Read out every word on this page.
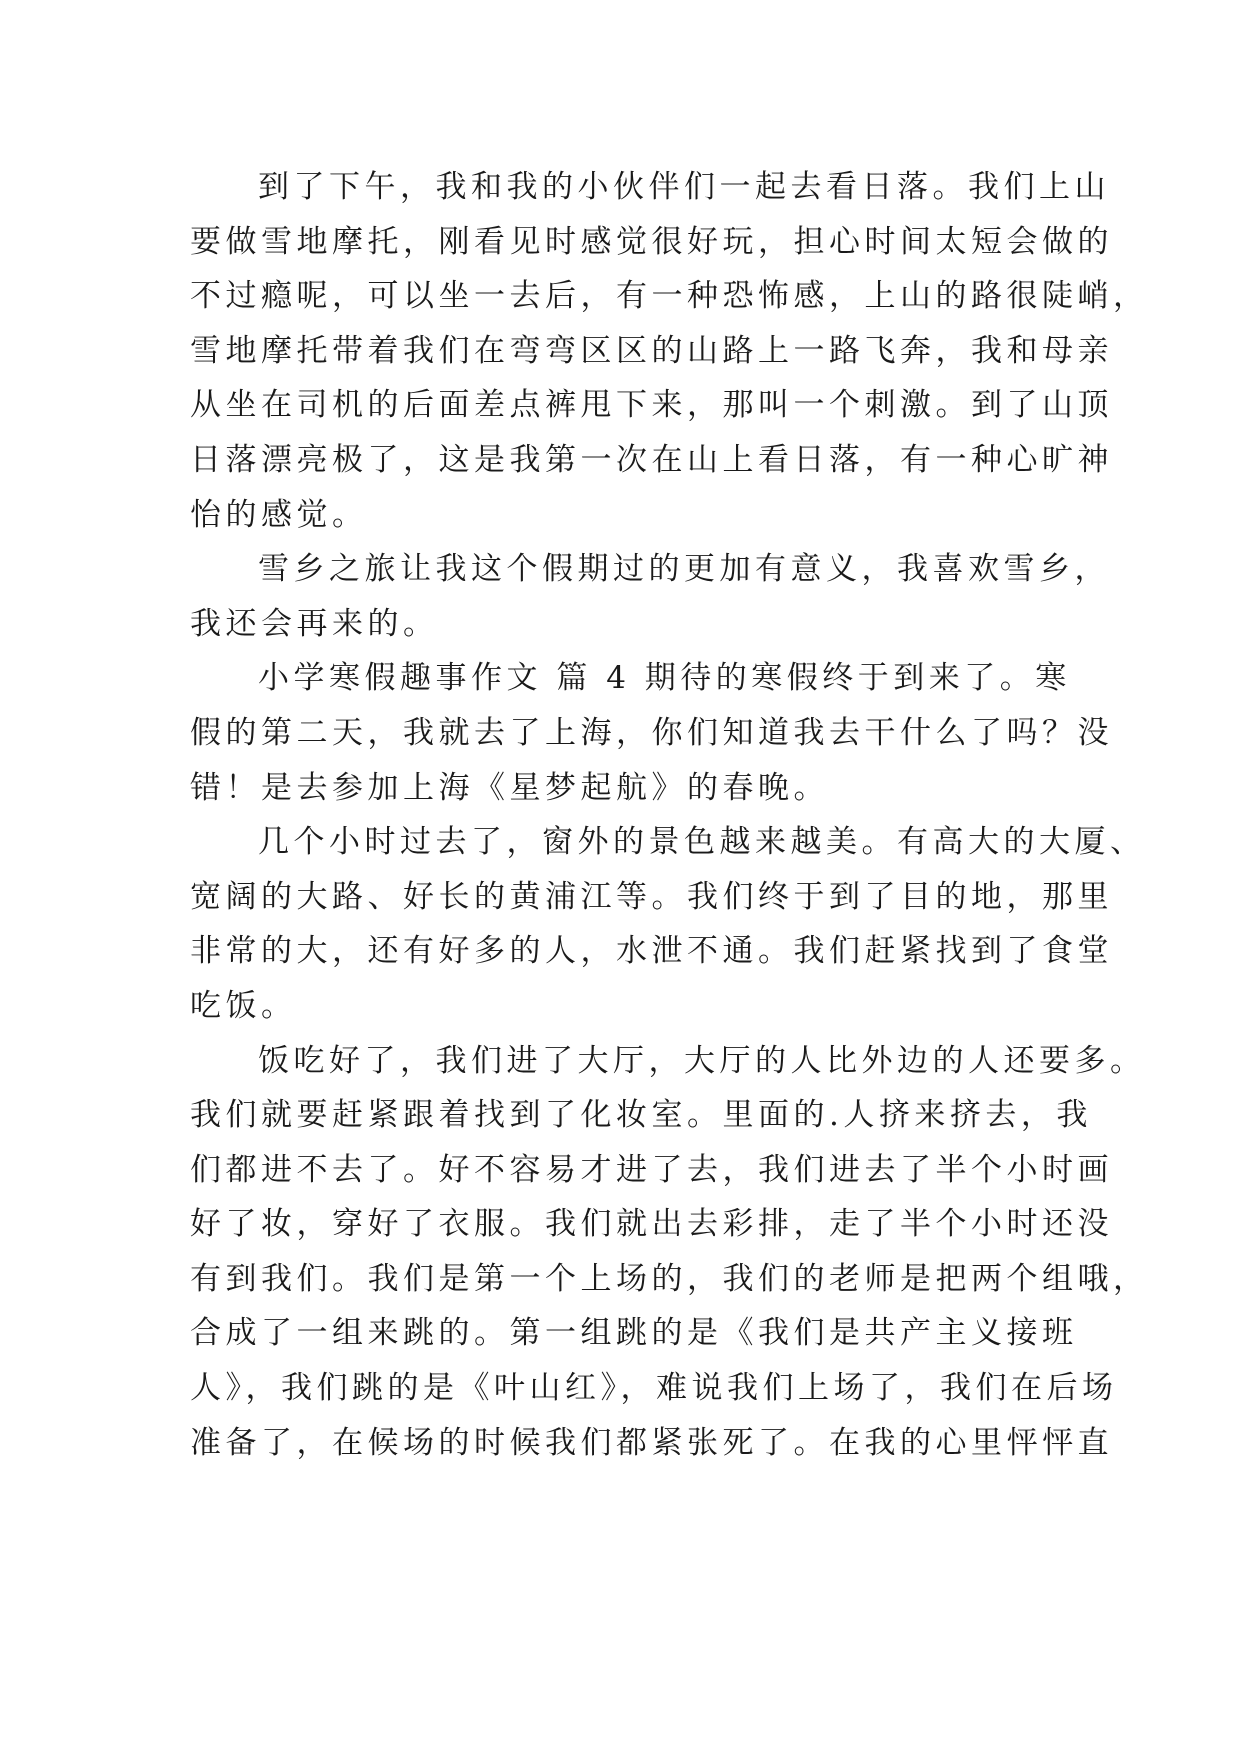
到了下午，我和我的小伙伴们一起去看日落。我们上山
要做雪地摩托，刚看见时感觉很好玩，担心时间太短会做的
不过瘾呢，可以坐一去后，有一种恐怖感，上山的路很陡峭，
雪地摩托带着我们在弯弯区区的山路上一路飞奔，我和母亲
从坐在司机的后面差点裤甩下来，那叫一个刺激。到了山顶
日落漂亮极了，这是我第一次在山上看日落，有一种心旷神
怡的感觉。
雪乡之旅让我这个假期过的更加有意义，我喜欢雪乡，
我还会再来的。
小学寒假趣事作文 篇 4 期待的寒假终于到来了。寒
假的第二天，我就去了上海，你们知道我去干什么了吗？没
错！是去参加上海《星梦起航》的春晚。
几个小时过去了，窗外的景色越来越美。有高大的大厦、
宽阔的大路、好长的黄浦江等。我们终于到了目的地，那里
非常的大，还有好多的人，水泄不通。我们赶紧找到了食堂
吃饭。
饭吃好了，我们进了大厅，大厅的人比外边的人还要多。
我们就要赶紧跟着找到了化妆室。里面的.人挤来挤去，我
们都进不去了。好不容易才进了去，我们进去了半个小时画
好了妆，穿好了衣服。我们就出去彩排，走了半个小时还没
有到我们。我们是第一个上场的，我们的老师是把两个组哦，
合成了一组来跳的。第一组跳的是《我们是共产主义接班
人》，我们跳的是《叶山红》，难说我们上场了，我们在后场
准备了，在候场的时候我们都紧张死了。在我的心里怦怦直
